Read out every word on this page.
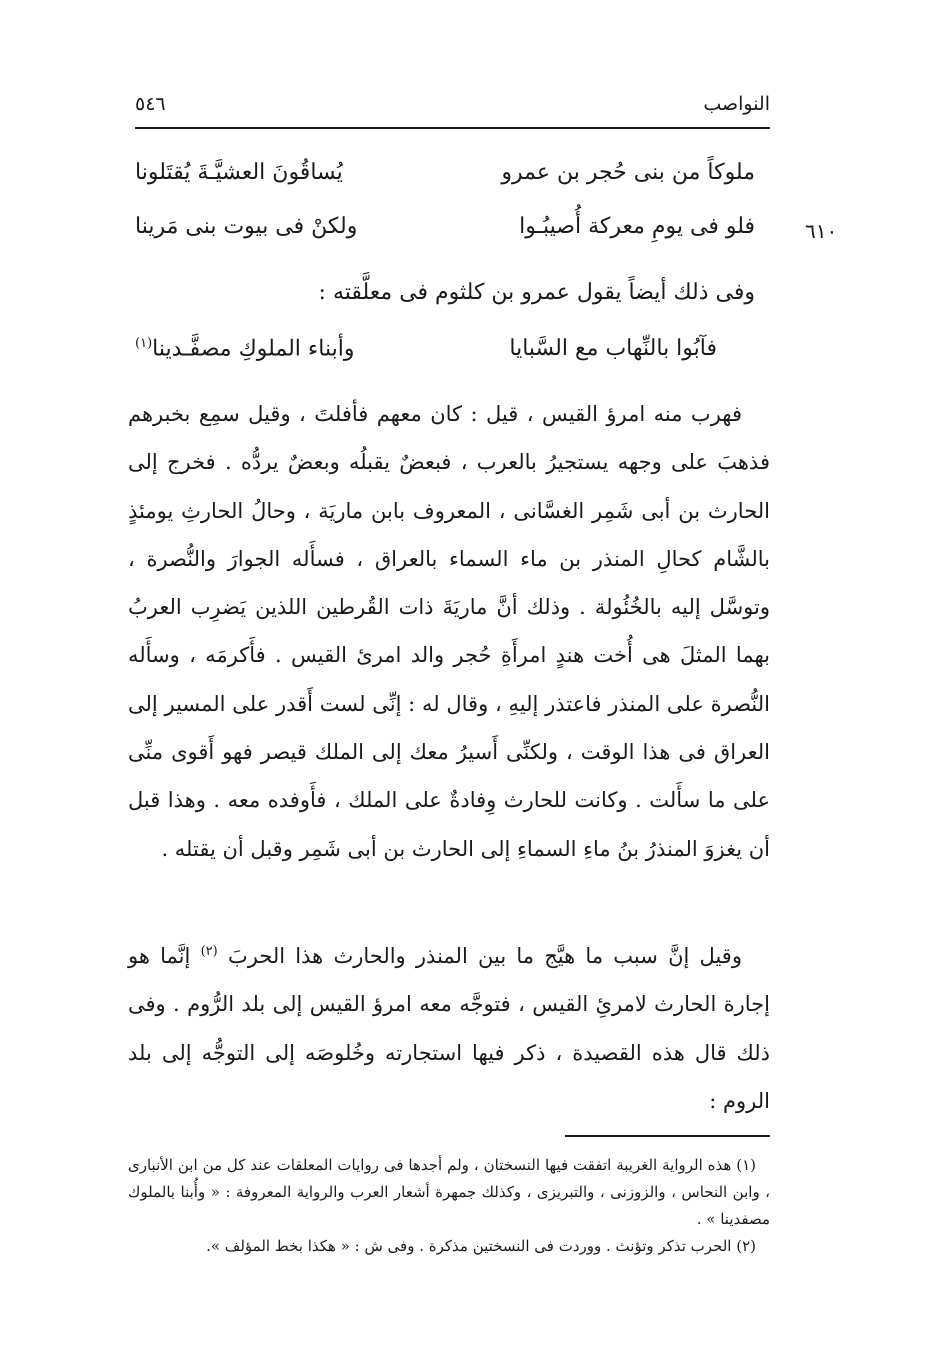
النواصب
٥٤٦
ملوكاً من بنى حُجر بن عمرو
يُساقُونَ العشيَّـةَ يُقتَلونا
فلو فى يومِ معركة أُصيبُـوا
ولكنْ فى بيوت بنى مَرينا	٦١٠
وفى ذلك أيضاً يقول عمرو بن كلثوم فى معلَّقته :
فآبُوا بالنِّهاب مع السَّبايا
وأبناء الملوكِ مصفَّـدينا$^{(١)}$

فهرب منه امرؤ القيس ، قيل : كان معهم فأفلتَ ، وقيل سمِع بخبرهم فذهبَ على وجهه يستجيرُ بالعرب ، فبعضٌ يقبلُه وبعضٌ يردُّه . فخرج إلى الحارث بن أبى شَمِر الغسَّانى ، المعروف بابن ماريَة ، وحالُ الحارثِ يومئذٍ بالشَّام كحالِ المنذر بن ماء السماء بالعراق ، فسأَله الجوارَ والنُّصرة ، وتوسَّل إليه بالخُئُولة . وذلك أنَّ ماريَةَ ذات القُرطين اللذين يَضرِب العربُ بهما المثلَ هى أُخت هندٍ امرأَةِ حُجر والد امرئ القيس . فأَكرمَه ، وسأَله النُّصرة على المنذر فاعتذر إليهِ ، وقال له : إنِّى لست أَقدر على المسير إلى العراق فى هذا الوقت ، ولكنِّى أَسيرُ معك إلى الملك قيصر فهو أَقوى منِّى على ما سأَلت . وكانت للحارث وِفادةٌ على الملك ، فأَوفده معه . وهذا قبل أن يغزوَ المنذرُ بنُ ماءِ السماءِ إلى الحارث بن أبى شَمِر وقبل أن يقتله .

وقيل إنَّ سبب ما هيَّج ما بين المنذر والحارث هذا الحربَ $^{(٢)}$ إنَّما هو إجارة الحارث لامرئِ القيس ، فتوجَّه معه امرؤ القيس إلى بلد الرُّوم . وفى ذلك قال هذه القصيدة ، ذكر فيها استجارته وخُلوصَه إلى التوجُّه إلى بلد الروم :

(١) هذه الرواية الغريبة اتفقت فيها النسختان ، ولم أجدها فى روايات المعلقات عند كل من ابن الأنبارى ، وابن النحاس ، والزوزنى ، والتبريزى ، وكذلك جمهرة أشعار العرب والرواية المعروفة : « وأُبنا بالملوك مصفدينا » .

(٢) الحرب تذكر وتؤنث . ووردت فى النسختين مذكرة . وفى ش : « هكذا بخط المؤلف ».
